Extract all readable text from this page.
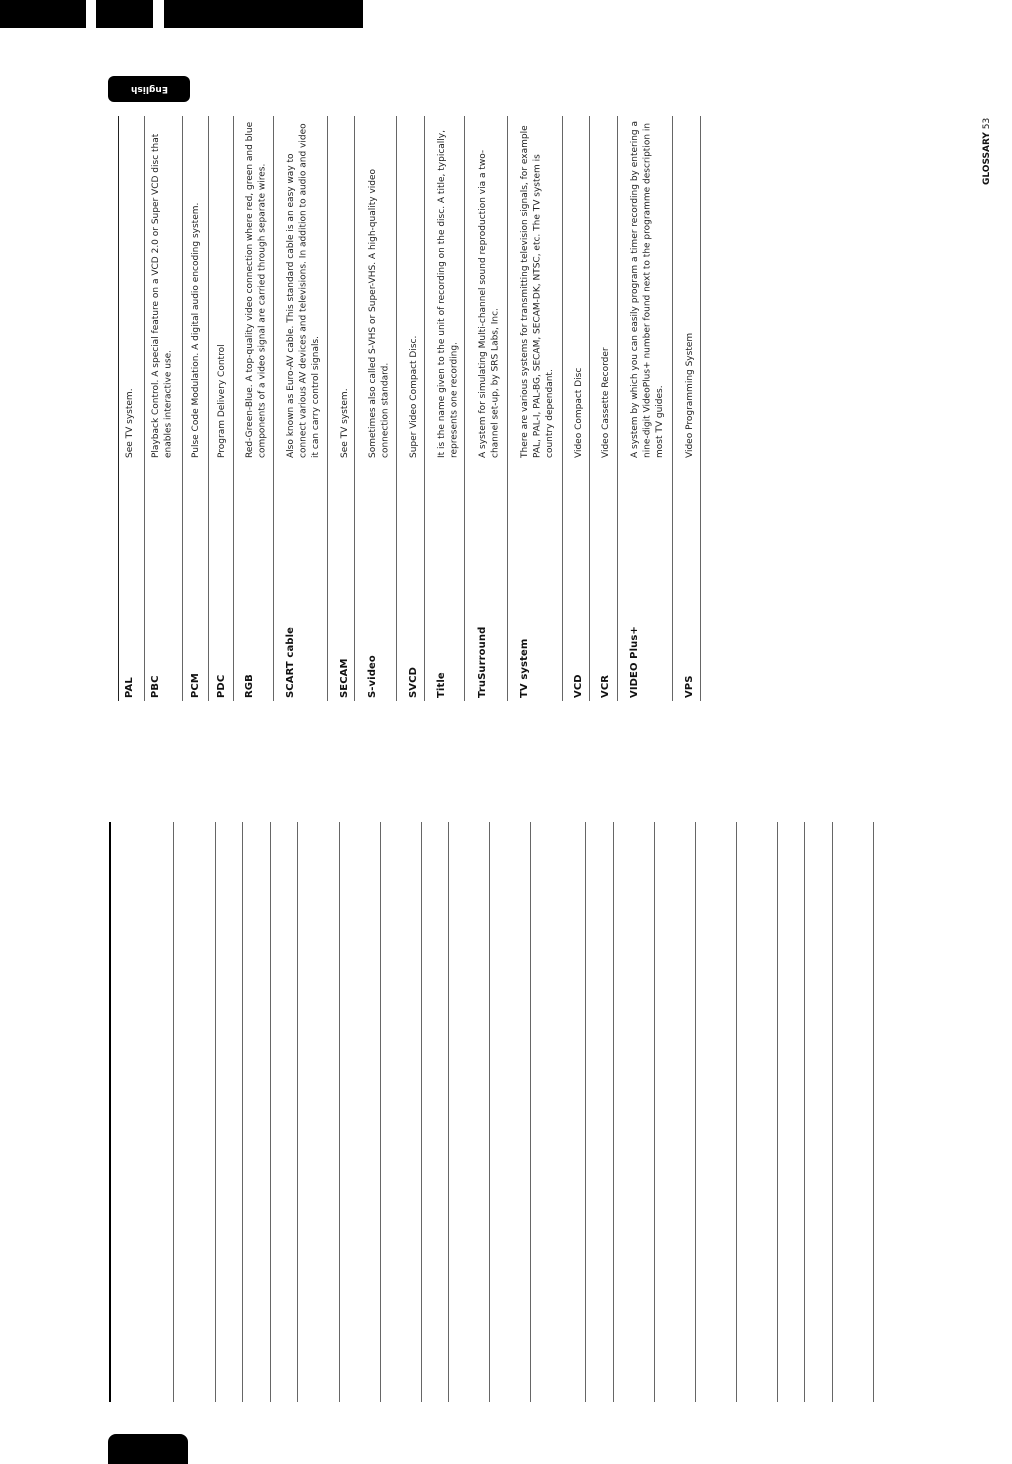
English
GLOSSARY 53
PAL
See TV system.
PBC
Playback Control. A special feature on a VCD 2.0 or Super VCD disc that enables interactive use.
PCM
Pulse Code Modulation. A digital audio encoding system.
PDC
Program Delivery Control
RGB
Red-Green-Blue. A top-quality video connection where red, green and blue components of a video signal are carried through separate wires.
SCART cable
Also known as Euro-AV cable. This standard cable is an easy way to connect various AV devices and televisions. In addition to audio and video it can carry control signals.
SECAM
See TV system.
S-video
Sometimes also called S-VHS or Super-VHS. A high-quality video connection standard.
SVCD
Super Video Compact Disc.
Title
It is the name given to the unit of recording on the disc. A title, typically, represents one recording.
TruSurround
A system for simulating Multi-channel sound reproduction via a two-channel set-up, by SRS Labs, Inc.
TV system
There are various systems for transmitting television signals, for example PAL, PAL-I, PAL-BG, SECAM, SECAM-DK, NTSC, etc. The TV system is country dependant.
VCD
Video Compact Disc
VCR
Video Cassette Recorder
VIDEO Plus+
A system by which you can easily program a timer recording by entering a nine-digit VideoPlus+ number found next to the programme description in most TV guides.
VPS
Video Programming System
